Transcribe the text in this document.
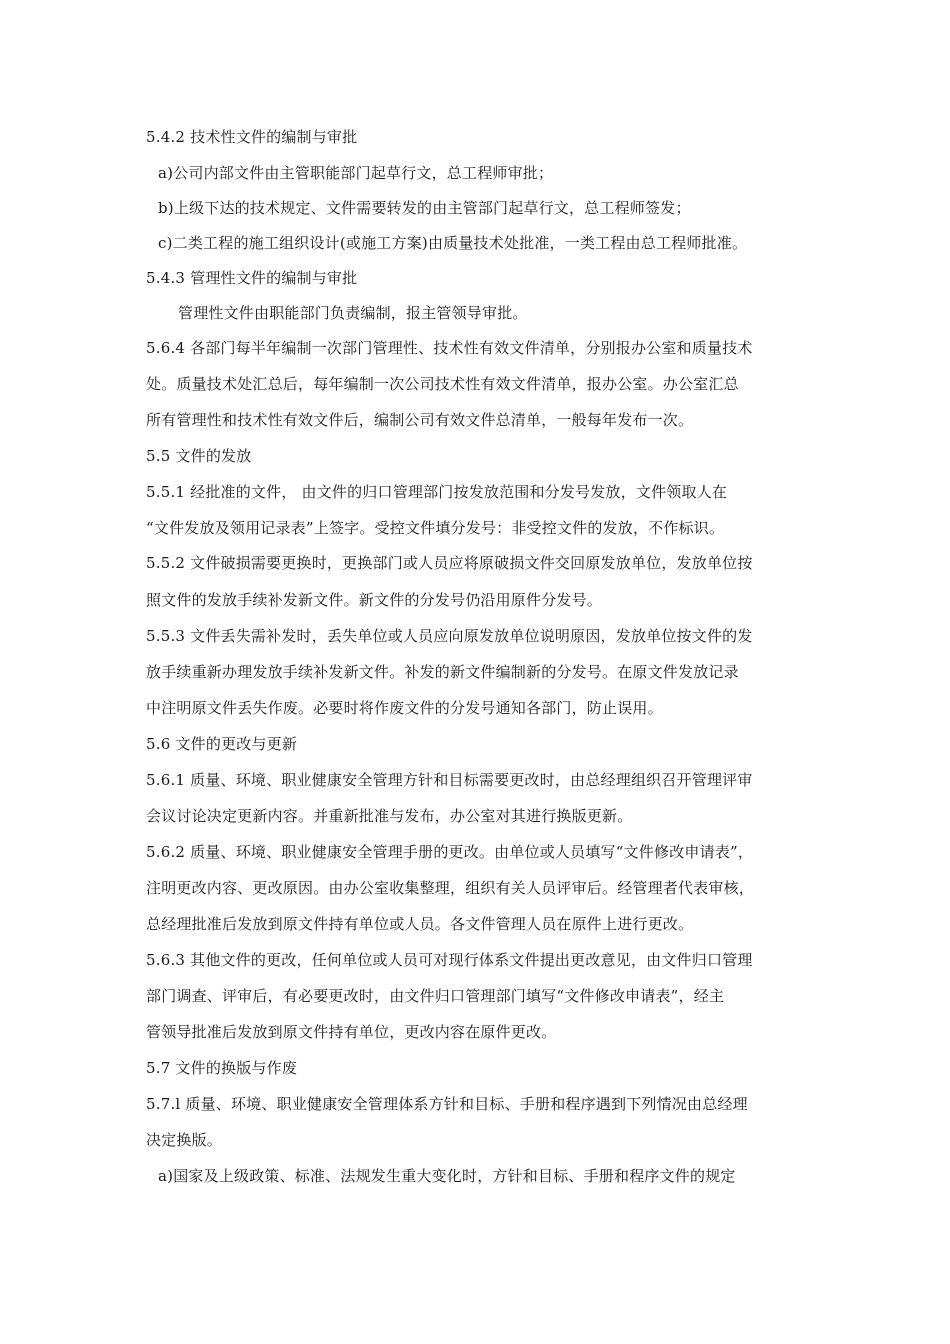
5.4.2 技术性文件的编制与审批
a)公司内部文件由主管职能部门起草行文，总工程师审批；
b)上级下达的技术规定、文件需要转发的由主管部门起草行文，总工程师签发；
c)二类工程的施工组织设计(或施工方案)由质量技术处批准，一类工程由总工程师批准。
5.4.3 管理性文件的编制与审批
管理性文件由职能部门负责编制，报主管领导审批。
5.6.4 各部门每半年编制一次部门管理性、技术性有效文件清单，分别报办公室和质量技术
处。质量技术处汇总后，每年编制一次公司技术性有效文件清单，报办公室。办公室汇总
所有管理性和技术性有效文件后，编制公司有效文件总清单，一般每年发布一次。
5.5 文件的发放
5.5.1 经批准的文件， 由文件的归口管理部门按发放范围和分发号发放，文件领取人在
“文件发放及领用记录表”上签字。受控文件填分发号：非受控文件的发放，不作标识。
5.5.2 文件破损需要更换时，更换部门或人员应将原破损文件交回原发放单位，发放单位按
照文件的发放手续补发新文件。新文件的分发号仍沿用原件分发号。
5.5.3 文件丢失需补发时，丢失单位或人员应向原发放单位说明原因，发放单位按文件的发
放手续重新办理发放手续补发新文件。补发的新文件编制新的分发号。在原文件发放记录
中注明原文件丢失作废。必要时将作废文件的分发号通知各部门，防止误用。
5.6 文件的更改与更新
5.6.1 质量、环境、职业健康安全管理方针和目标需要更改时，由总经理组织召开管理评审
会议讨论决定更新内容。并重新批准与发布，办公室对其进行换版更新。
5.6.2 质量、环境、职业健康安全管理手册的更改。由单位或人员填写“文件修改申请表”，
注明更改内容、更改原因。由办公室收集整理，组织有关人员评审后。经管理者代表审核，
总经理批准后发放到原文件持有单位或人员。各文件管理人员在原件上进行更改。
5.6.3 其他文件的更改，任何单位或人员可对现行体系文件提出更改意见，由文件归口管理
部门调查、评审后，有必要更改时，由文件归口管理部门填写“文件修改申请表”，经主
管领导批准后发放到原文件持有单位，更改内容在原件更改。
5.7 文件的换版与作废
5.7.l 质量、环境、职业健康安全管理体系方针和目标、手册和程序遇到下列情况由总经理
决定换版。
a)国家及上级政策、标准、法规发生重大变化时，方针和目标、手册和程序文件的规定
